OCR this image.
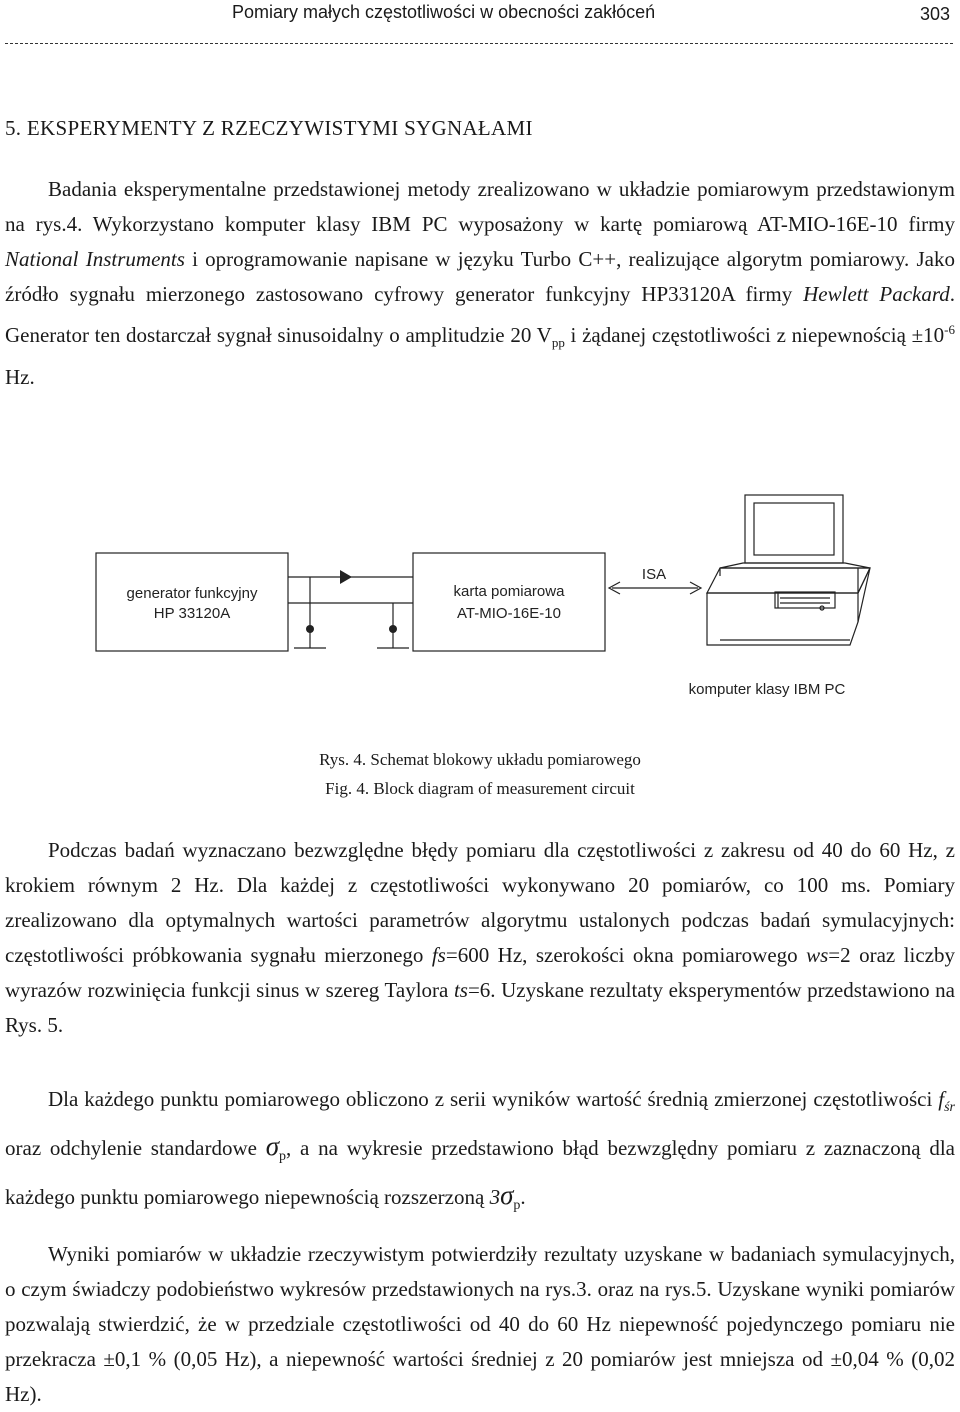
Pomiary małych częstotliwości w obecności zakłóceń	303
5. EKSPERYMENTY Z RZECZYWISTYMI SYGNAŁAMI

Badania eksperymentalne przedstawionej metody zrealizowano w układzie pomiarowym przedstawionym na rys.4. Wykorzystano komputer klasy IBM PC wyposażony w kartę pomiarową AT-MIO-16E-10 firmy National Instruments i oprogramowanie napisane w języku Turbo C++, realizujące algorytm pomiarowy. Jako źródło sygnału mierzonego zastosowano cyfrowy generator funkcyjny HP33120A firmy Hewlett Packard. Generator ten dostarczał sygnał sinusoidalny o amplitudzie 20 $V_{pp}$ i żądanej częstotliwości z niepewnością $\pm 10^{-6}$ Hz.

generator funkcyjny
HP 33120A
karta pomiarowa
AT-MIO-16E-10
ISA
komputer klasy IBM PC
Rys. 4. Schemat blokowy układu pomiarowego
Fig. 4. Block diagram of measurement circuit

Podczas badań wyznaczano bezwzględne błędy pomiaru dla częstotliwości z zakresu od 40 do 60 Hz, z krokiem równym 2 Hz. Dla każdej z częstotliwości wykonywano 20 pomiarów, co 100 ms. Pomiary zrealizowano dla optymalnych wartości parametrów algorytmu ustalonych podczas badań symulacyjnych: częstotliwości próbkowania sygnału mierzonego fs=600 Hz, szerokości okna pomiarowego ws=2 oraz liczby wyrazów rozwinięcia funkcji sinus w szereg Taylora ts=6. Uzyskane rezultaty eksperymentów przedstawiono na Rys. 5.

Dla każdego punktu pomiarowego obliczono z serii wyników wartość średnią zmierzonej częstotliwości $f_{śr}$ oraz odchylenie standardowe $\sigma_p$, a na wykresie przedstawiono błąd bezwzględny pomiaru z zaznaczoną dla każdego punktu pomiarowego niepewnością rozszerzoną $3\sigma_p$.

Wyniki pomiarów w układzie rzeczywistym potwierdziły rezultaty uzyskane w badaniach symulacyjnych, o czym świadczy podobieństwo wykresów przedstawionych na rys.3. oraz na rys.5. Uzyskane wyniki pomiarów pozwalają stwierdzić, że w przedziale częstotliwości od 40 do 60 Hz niepewność pojedynczego pomiaru nie przekracza ±0,1 % (0,05 Hz), a niepewność wartości średniej z 20 pomiarów jest mniejsza od ±0,04 % (0,02 Hz).
